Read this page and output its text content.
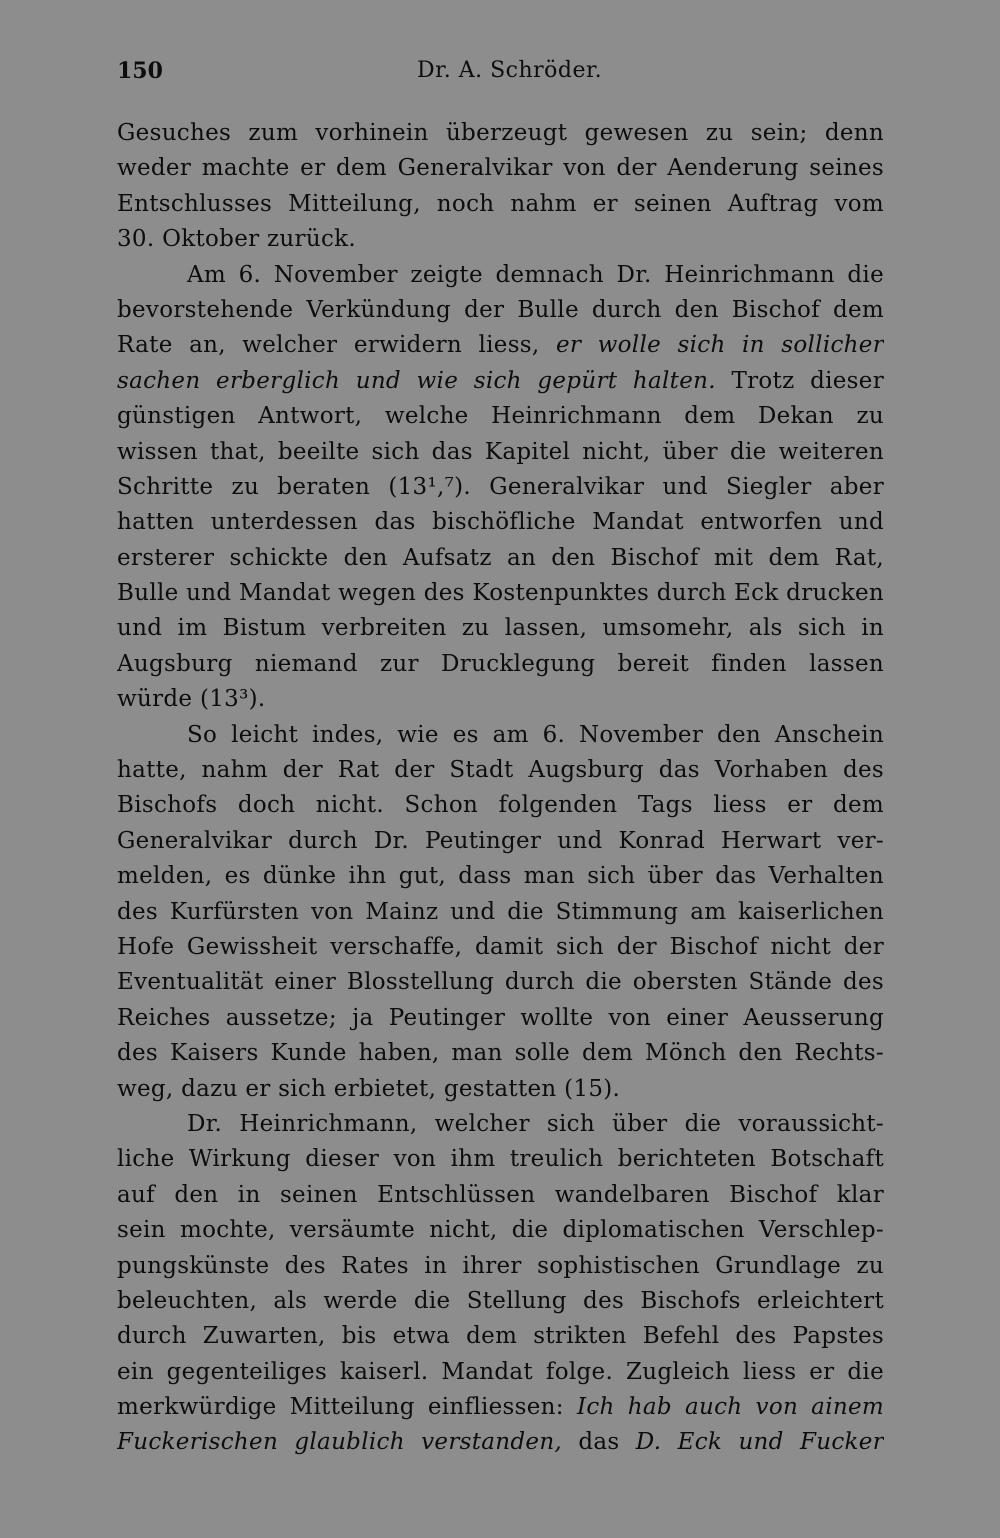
150	Dr. A. Schröder.
Gesuches zum vorhinein überzeugt gewesen zu sein; denn
weder machte er dem Generalvikar von der Aenderung seines
Entschlusses Mitteilung, noch nahm er seinen Auftrag vom
30. Oktober zurück.
Am 6. November zeigte demnach Dr. Heinrichmann die
bevorstehende Verkündung der Bulle durch den Bischof dem
Rate an, welcher erwidern liess, er wolle sich in sollicher
sachen erberglich und wie sich gepürt halten. Trotz dieser
günstigen Antwort, welche Heinrichmann dem Dekan zu
wissen that, beeilte sich das Kapitel nicht, über die weiteren
Schritte zu beraten (13¹,⁷). Generalvikar und Siegler aber
hatten unterdessen das bischöfliche Mandat entworfen und
ersterer schickte den Aufsatz an den Bischof mit dem Rat,
Bulle und Mandat wegen des Kostenpunktes durch Eck drucken
und im Bistum verbreiten zu lassen, umsomehr, als sich in
Augsburg niemand zur Drucklegung bereit finden lassen
würde (13³).
So leicht indes, wie es am 6. November den Anschein
hatte, nahm der Rat der Stadt Augsburg das Vorhaben des
Bischofs doch nicht. Schon folgenden Tags liess er dem
Generalvikar durch Dr. Peutinger und Konrad Herwart ver-
melden, es dünke ihn gut, dass man sich über das Verhalten
des Kurfürsten von Mainz und die Stimmung am kaiserlichen
Hofe Gewissheit verschaffe, damit sich der Bischof nicht der
Eventualität einer Blosstellung durch die obersten Stände des
Reiches aussetze; ja Peutinger wollte von einer Aeusserung
des Kaisers Kunde haben, man solle dem Mönch den Rechts-
weg, dazu er sich erbietet, gestatten (15).
Dr. Heinrichmann, welcher sich über die voraussicht-
liche Wirkung dieser von ihm treulich berichteten Botschaft
auf den in seinen Entschlüssen wandelbaren Bischof klar
sein mochte, versäumte nicht, die diplomatischen Verschlep-
pungskünste des Rates in ihrer sophistischen Grundlage zu
beleuchten, als werde die Stellung des Bischofs erleichtert
durch Zuwarten, bis etwa dem strikten Befehl des Papstes
ein gegenteiliges kaiserl. Mandat folge. Zugleich liess er die
merkwürdige Mitteilung einfliessen: Ich hab auch von ainem
Fuckerischen glaublich verstanden, das D. Eck und Fucker
